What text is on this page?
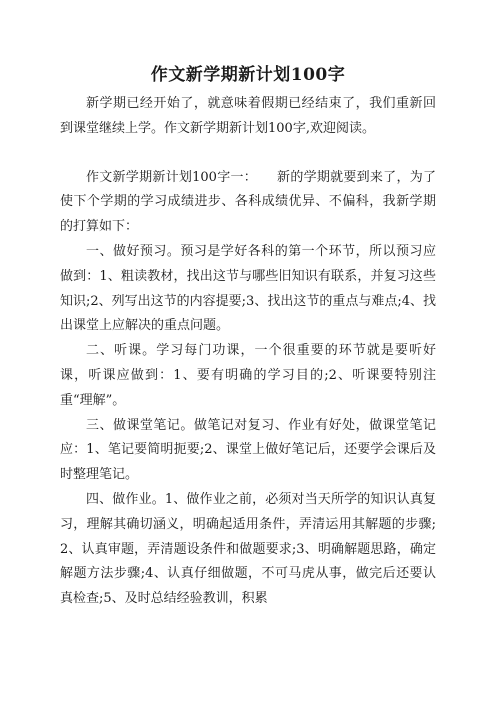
作文新学期新计划100字

新学期已经开始了，就意味着假期已经结束了，我们重新回到课堂继续上学。作文新学期新计划100字,欢迎阅读。

作文新学期新计划100字一：　　新的学期就要到来了，为了使下个学期的学习成绩进步、各科成绩优异、不偏科，我新学期的打算如下：

一、做好预习。预习是学好各科的第一个环节，所以预习应做到：1、粗读教材，找出这节与哪些旧知识有联系，并复习这些知识;2、列写出这节的内容提要;3、找出这节的重点与难点;4、找出课堂上应解决的重点问题。

二、听课。学习每门功课，一个很重要的环节就是要听好课，听课应做到：1、要有明确的学习目的;2、听课要特别注重“理解”。

三、做课堂笔记。做笔记对复习、作业有好处，做课堂笔记应：1、笔记要简明扼要;2、课堂上做好笔记后，还要学会课后及时整理笔记。

四、做作业。1、做作业之前，必须对当天所学的知识认真复习，理解其确切涵义，明确起适用条件，弄清运用其解题的步骤;2、认真审题，弄清题设条件和做题要求;3、明确解题思路，确定解题方法步骤;4、认真仔细做题，不可马虎从事，做完后还要认真检查;5、及时总结经验教训，积累
